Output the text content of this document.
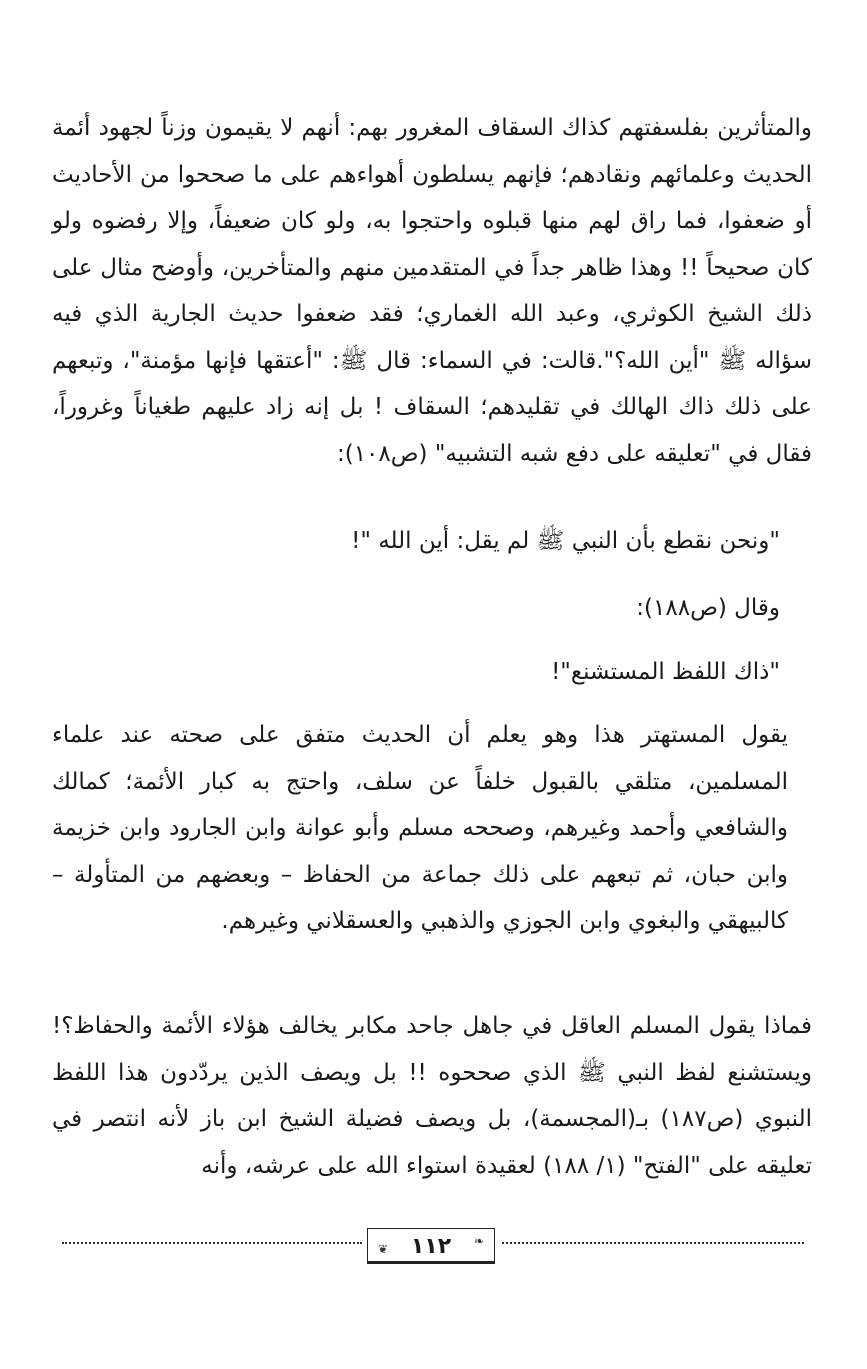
والمتأثرين بفلسفتهم كذاك السقاف المغرور بهم: أنهم لا يقيمون وزناً لجهود أئمة الحديث وعلمائهم ونقادهم؛ فإنهم يسلطون أهواءهم على ما صححوا من الأحاديث أو ضعفوا، فما راق لهم منها قبلوه واحتجوا به، ولو كان ضعيفاً، وإلا رفضوه ولو كان صحيحاً !! وهذا ظاهر جداً في المتقدمين منهم والمتأخرين، وأوضح مثال على ذلك الشيخ الكوثري، وعبد الله الغماري؛ فقد ضعفوا حديث الجارية الذي فيه سؤاله ﷺ "أين الله؟".قالت: في السماء: قال ﷺ: "أعتقها فإنها مؤمنة"، وتبعهم على ذلك ذاك الهالك في تقليدهم؛ السقاف ! بل إنه زاد عليهم طغياناً وغروراً، فقال في "تعليقه على دفع شبه التشبيه" (ص١٠٨):
"ونحن نقطع بأن النبي ﷺ لم يقل: أين الله "!
وقال (ص١٨٨):
"ذاك اللفظ المستشنع"!
يقول المستهتر هذا وهو يعلم أن الحديث متفق على صحته عند علماء المسلمين، متلقي بالقبول خلفاً عن سلف، واحتج به كبار الأئمة؛ كمالك والشافعي وأحمد وغيرهم، وصححه مسلم وأبو عوانة وابن الجارود وابن خزيمة وابن حبان، ثم تبعهم على ذلك جماعة من الحفاظ – وبعضهم من المتأولة – كالبيهقي والبغوي وابن الجوزي والذهبي والعسقلاني وغيرهم.
فماذا يقول المسلم العاقل في جاهل جاحد مكابر يخالف هؤلاء الأئمة والحفاظ؟! ويستشنع لفظ النبي ﷺ الذي صححوه !! بل ويصف الذين يردّدون هذا اللفظ النبوي (ص١٨٧) بـ(المجسمة)، بل ويصف فضيلة الشيخ ابن باز لأنه انتصر في تعليقه على "الفتح" (١/ ١٨٨) لعقيدة استواء الله على عرشه، وأنه
❦ ١١٢ ❧
